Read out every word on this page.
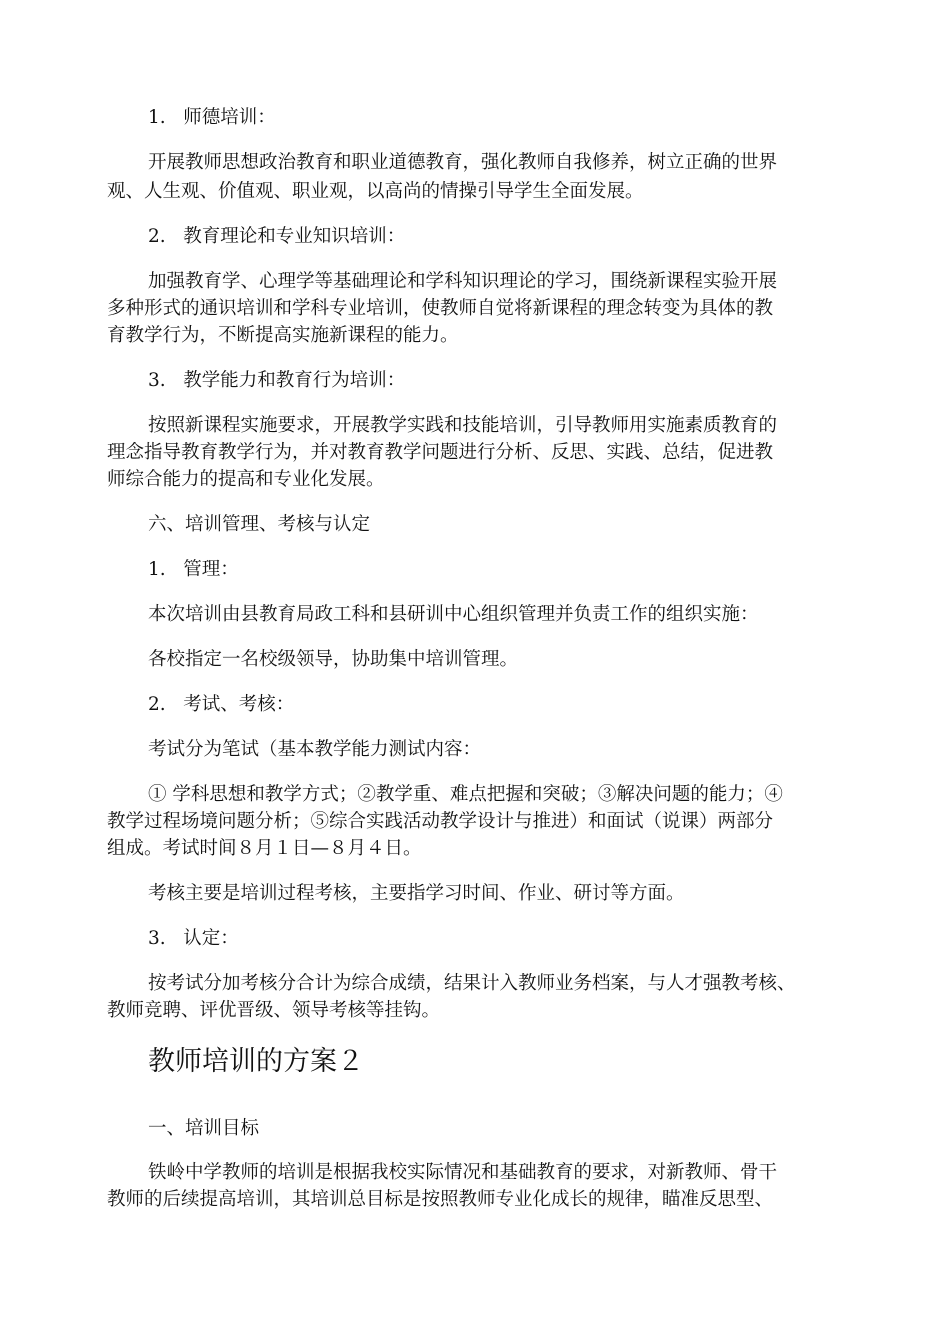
1.   师德培训：

开展教师思想政治教育和职业道德教育，强化教师自我修养，树立正确的世界

观、人生观、价值观、职业观，以高尚的情操引导学生全面发展。

2.   教育理论和专业知识培训：

加强教育学、心理学等基础理论和学科知识理论的学习，围绕新课程实验开展

多种形式的通识培训和学科专业培训，使教师自觉将新课程的理念转变为具体的教

育教学行为，不断提高实施新课程的能力。

3.   教学能力和教育行为培训：

按照新课程实施要求，开展教学实践和技能培训，引导教师用实施素质教育的

理念指导教育教学行为，并对教育教学问题进行分析、反思、实践、总结，促进教

师综合能力的提高和专业化发展。

六、培训管理、考核与认定

1.   管理：

本次培训由县教育局政工科和县研训中心组织管理并负责工作的组织实施：

各校指定一名校级领导，协助集中培训管理。

2.   考试、考核：

考试分为笔试（基本教学能力测试内容：

① 学科思想和教学方式；②教学重、难点把握和突破；③解决问题的能力；④

教学过程场境问题分析；⑤综合实践活动教学设计与推进）和面试（说课）两部分

组成。考试时间８月１日—８月４日。

考核主要是培训过程考核，主要指学习时间、作业、研讨等方面。

3.   认定：

按考试分加考核分合计为综合成绩，结果计入教师业务档案，与人才强教考核、

教师竞聘、评优晋级、领导考核等挂钩。

教师培训的方案２

一、培训目标

铁岭中学教师的培训是根据我校实际情况和基础教育的要求，对新教师、骨干

教师的后续提高培训，其培训总目标是按照教师专业化成长的规律，瞄准反思型、
